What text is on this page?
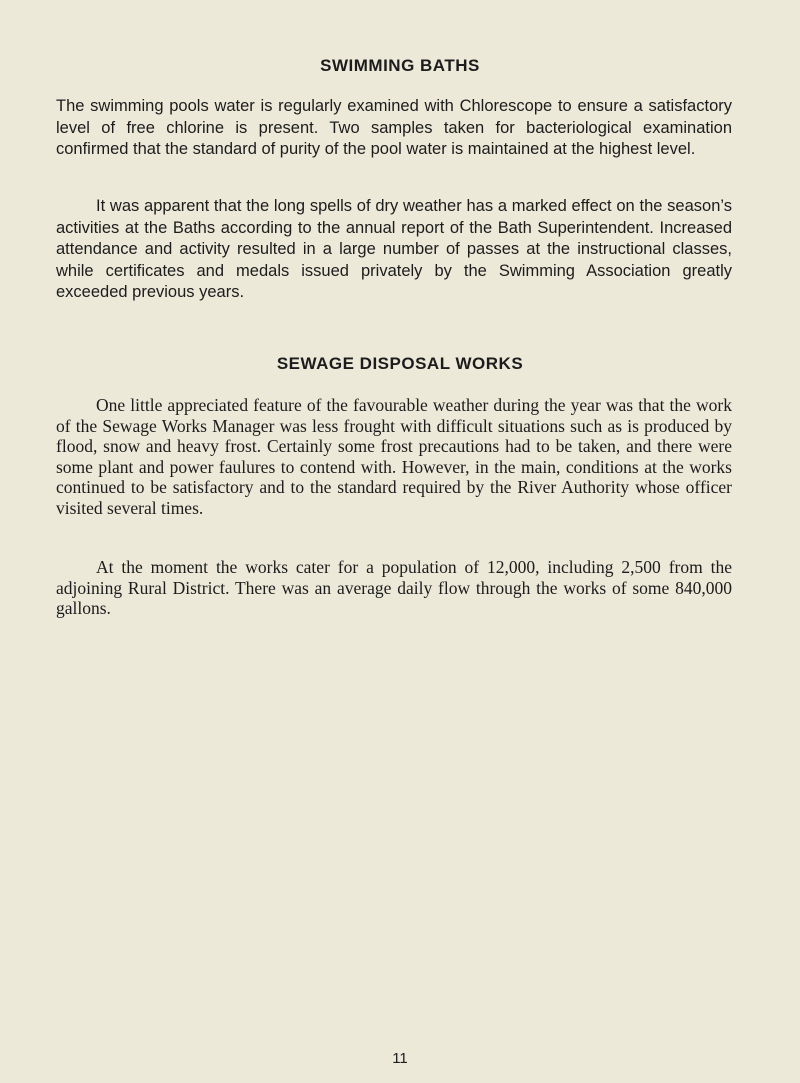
SWIMMING BATHS

The swimming pools water is regularly examined with Chlorescope to ensure a satisfactory level of free chlorine is present. Two samples taken for bacteriological examination confirmed that the standard of purity of the pool water is maintained at the highest level.

It was apparent that the long spells of dry weather has a marked effect on the season’s activities at the Baths according to the annual report of the Bath Superintendent. Increased attendance and activity resulted in a large number of passes at the instructional classes, while certificates and medals issued privately by the Swimming Association greatly exceeded previous years.

SEWAGE DISPOSAL WORKS

One little appreciated feature of the favourable weather during the year was that the work of the Sewage Works Manager was less frought with difficult situations such as is produced by flood, snow and heavy frost. Certainly some frost precautions had to be taken, and there were some plant and power faulures to contend with. However, in the main, conditions at the works continued to be satisfactory and to the standard required by the River Authority whose officer visited several times.

At the moment the works cater for a population of 12,000, including 2,500 from the adjoining Rural District. There was an average daily flow through the works of some 840,000 gallons.

11
